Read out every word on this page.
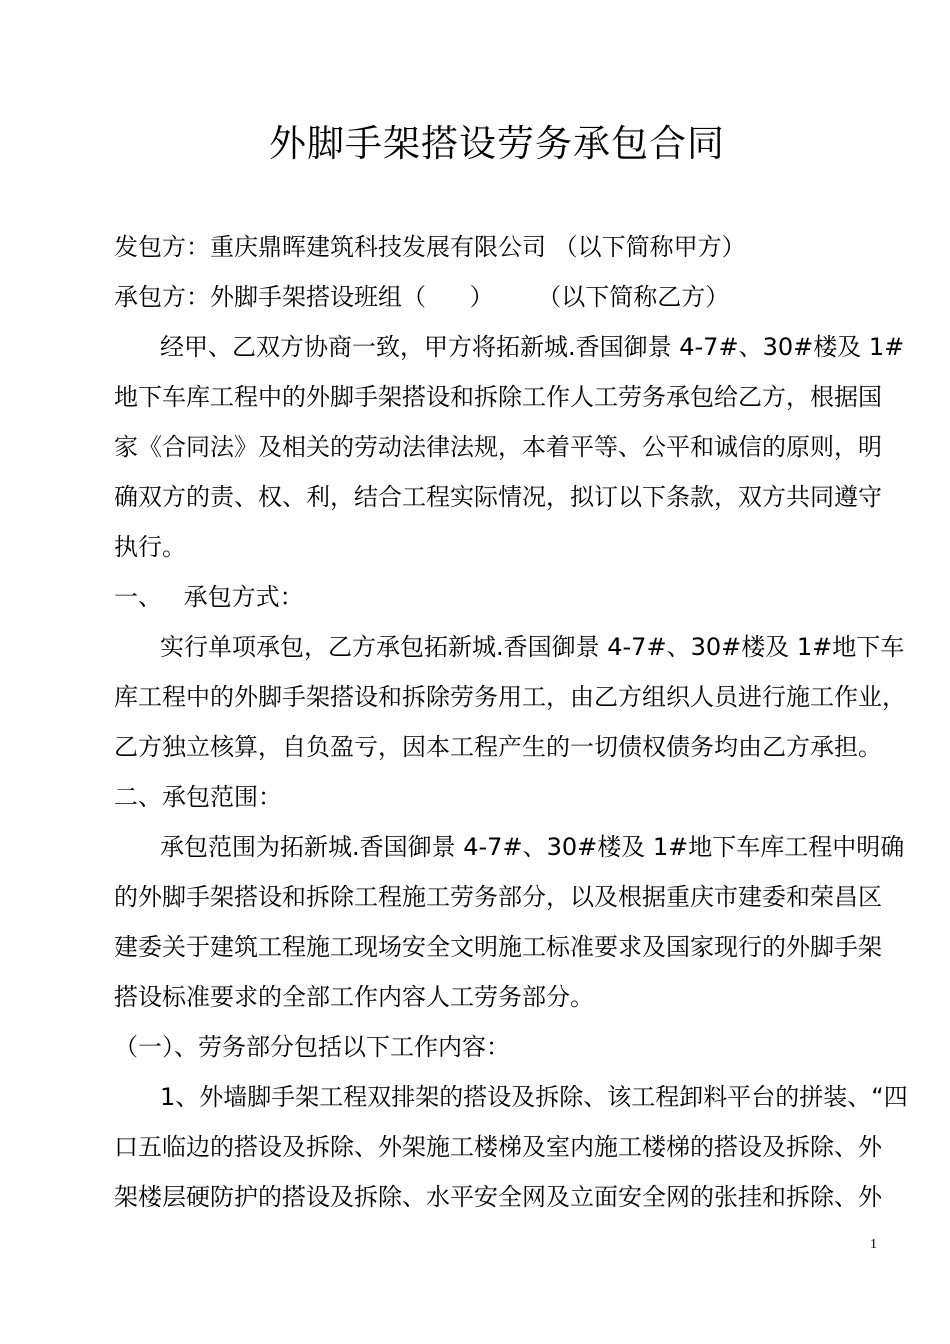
外脚手架搭设劳务承包合同
发包方：重庆鼎晖建筑科技发展有限公司 （以下简称甲方）
承包方：外脚手架搭设班组（ ） （以下简称乙方）
经甲、乙双方协商一致，甲方将拓新城.香国御景 4-7#、30#楼及 1#
地下车库工程中的外脚手架搭设和拆除工作人工劳务承包给乙方，根据国
家《合同法》及相关的劳动法律法规，本着平等、公平和诚信的原则，明
确双方的责、权、利，结合工程实际情况，拟订以下条款，双方共同遵守
执行。
一、 承包方式：
实行单项承包，乙方承包拓新城.香国御景 4-7#、30#楼及 1#地下车
库工程中的外脚手架搭设和拆除劳务用工，由乙方组织人员进行施工作业，
乙方独立核算，自负盈亏，因本工程产生的一切债权债务均由乙方承担。
二、承包范围：
承包范围为拓新城.香国御景 4-7#、30#楼及 1#地下车库工程中明确
的外脚手架搭设和拆除工程施工劳务部分，以及根据重庆市建委和荣昌区
建委关于建筑工程施工现场安全文明施工标准要求及国家现行的外脚手架
搭设标准要求的全部工作内容人工劳务部分。
（一）、劳务部分包括以下工作内容：
1、外墙脚手架工程双排架的搭设及拆除、该工程卸料平台的拼装、“四
口五临边的搭设及拆除、外架施工楼梯及室内施工楼梯的搭设及拆除、外
架楼层硬防护的搭设及拆除、水平安全网及立面安全网的张挂和拆除、外
1
